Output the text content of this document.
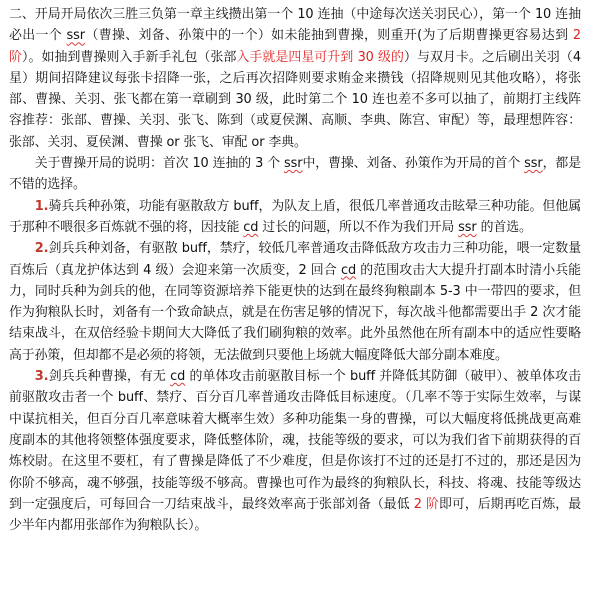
二、开局开局依次三胜三负第一章主线攒出第一个 10 连抽（中途每次送关羽民心），第一个 10 连抽必出一个 ssr（曹操、刘备、孙策中的一个）如未能抽到曹操，则重开(为了后期曹操更容易达到 2 阶）。如抽到曹操则入手新手礼包（张部入手就是四星可升到 30 级的）与双月卡。之后刷出关羽（4 星）期间招降建议每张卡招降一张，之后再次招降则要求贿金来攒钱（招降规则见其他攻略），将张部、曹操、关羽、张飞都在第一章刷到 30 级，此时第二个 10 连也差不多可以抽了，前期打主线阵容推荐：张部、曹操、关羽、张飞、陈到（或夏侯渊、高顺、李典、陈宫、审配）等，最理想阵容：张部、关羽、夏侯渊、曹操 or 张飞、审配 or 李典。

关于曹操开局的说明：首次 10 连抽的 3 个 ssr中，曹操、刘备、孙策作为开局的首个 ssr，都是不错的选择。

1.骑兵兵种孙策，功能有驱散敌方 buff，为队友上盾，很低几率普通攻击眩晕三种功能。但他属于那种不喂很多百炼就不强的将，因技能 cd 过长的问题，所以不作为我们开局 ssr 的首选。

2.剑兵兵种刘备，有驱散 buff，禁疗，较低几率普通攻击降低敌方攻击力三种功能，喂一定数量百炼后（真龙护体达到 4 级）会迎来第一次质变，2 回合 cd 的范围攻击大大提升打副本时清小兵能力，同时兵种为剑兵的他，在同等资源培养下能更快的达到在最终狗粮副本 5-3 中一带四的要求，但作为狗粮队长时，刘备有一个致命缺点，就是在伤害足够的情况下，每次战斗他都需要出手 2 次才能结束战斗，在双倍经验卡期间大大降低了我们刷狗粮的效率。此外虽然他在所有副本中的适应性要略高于孙策，但却都不是必须的将领，无法做到只要他上场就大幅度降低大部分副本难度。

3.剑兵兵种曹操，有无 cd 的单体攻击前驱散目标一个 buff 并降低其防御（破甲）、被单体攻击前驱散攻击者一个 buff、禁疗、百分百几率普通攻击降低目标速度。（几率不等于实际生效率，与谋中谋抗相关，但百分百几率意味着大概率生效）多种功能集一身的曹操，可以大幅度将低挑战更高难度副本的其他将领整体强度要求，降低整体阶，魂，技能等级的要求，可以为我们省下前期获得的百炼校尉。在这里不要杠，有了曹操是降低了不少难度，但是你该打不过的还是打不过的，那还是因为你阶不够高，魂不够强，技能等级不够高。曹操也可作为最终的狗粮队长，科技、将魂、技能等级达到一定强度后，可每回合一刀结束战斗，最终效率高于张部刘备（最低 2 阶即可，后期再吃百炼，最少半年内都用张部作为狗粮队长）。
